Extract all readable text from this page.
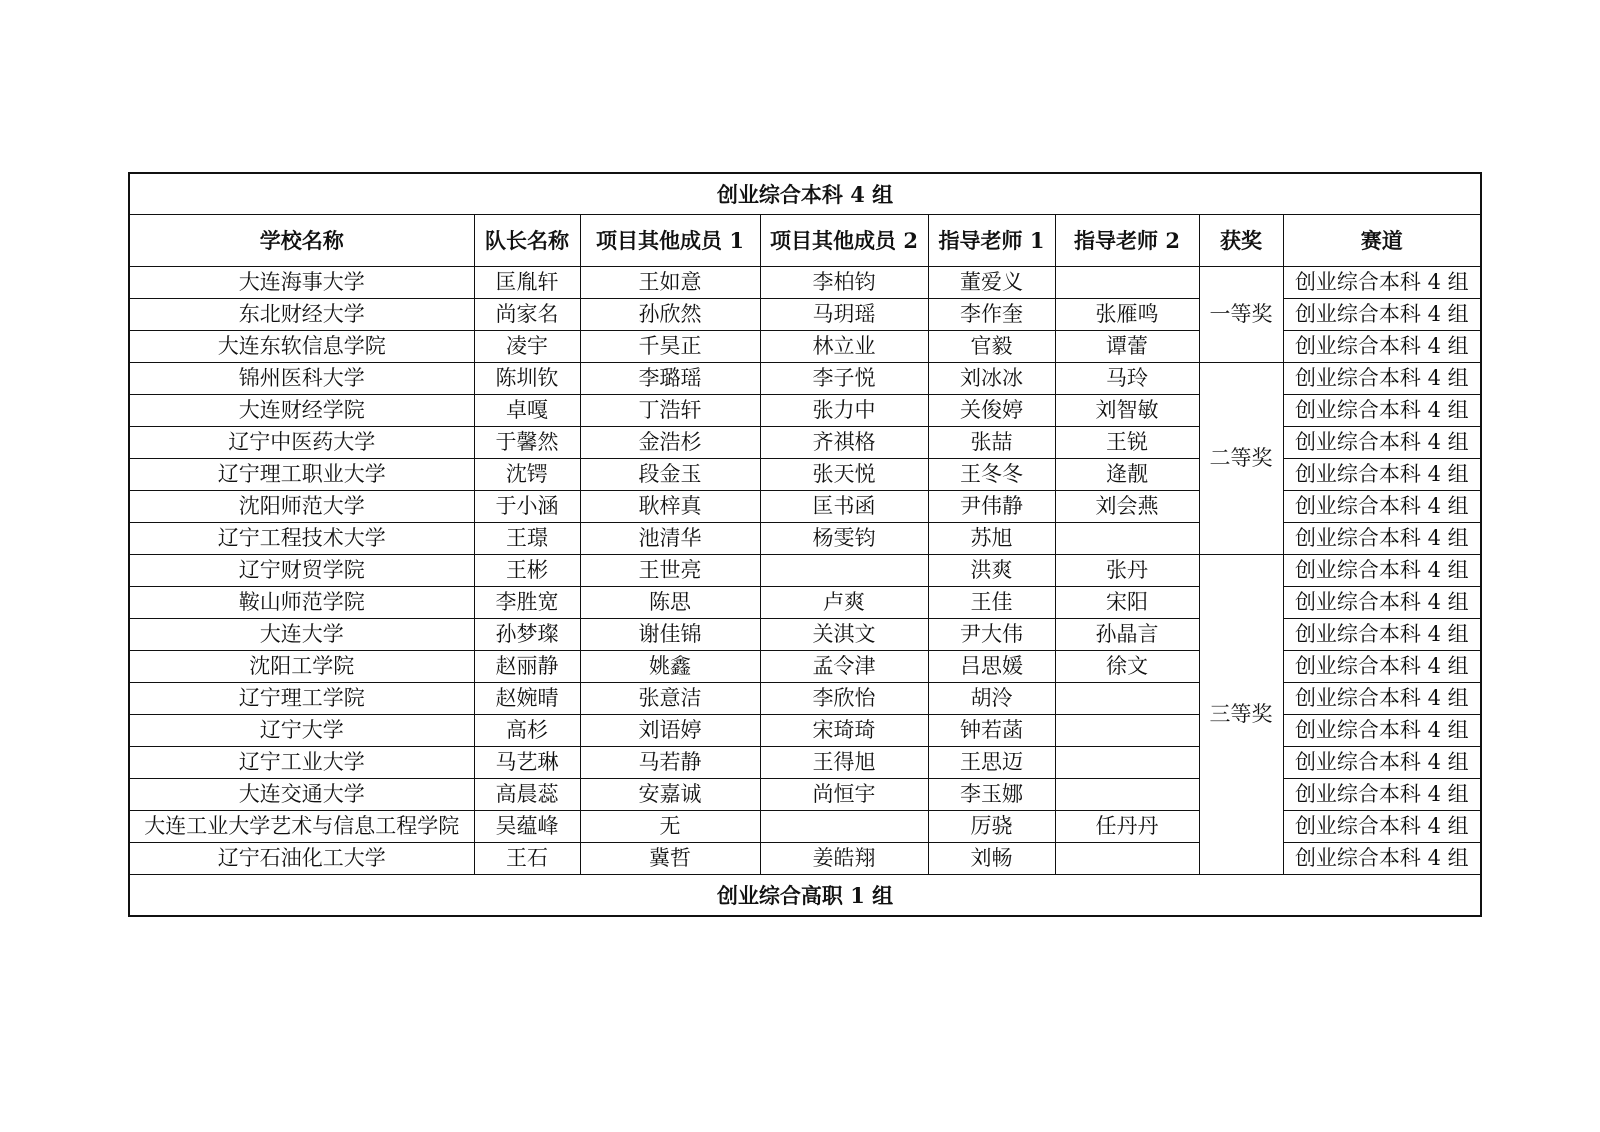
创业综合本科 4 组							
学校名称	队长名称	项目其他成员 1	项目其他成员 2	指导老师 1	指导老师 2	获奖	赛道
大连海事大学	匡胤轩	王如意	李柏钧	董爱义		一等奖	创业综合本科 4 组
东北财经大学	尚家名	孙欣然	马玥瑶	李作奎	张雁鸣		创业综合本科 4 组
大连东软信息学院	凌宇	千昊正	林立业	官毅	谭蕾		创业综合本科 4 组
锦州医科大学	陈圳钦	李璐瑶	李子悦	刘冰冰	马玲	二等奖	创业综合本科 4 组
大连财经学院	卓嘎	丁浩轩	张力中	关俊婷	刘智敏		创业综合本科 4 组
辽宁中医药大学	于馨然	金浩杉	齐祺格	张喆	王锐		创业综合本科 4 组
辽宁理工职业大学	沈锷	段金玉	张天悦	王冬冬	逄靓		创业综合本科 4 组
沈阳师范大学	于小涵	耿梓真	匡书函	尹伟静	刘会燕		创业综合本科 4 组
辽宁工程技术大学	王璟	池清华	杨雯钧	苏旭			创业综合本科 4 组
辽宁财贸学院	王彬	王世亮		洪爽	张丹	三等奖	创业综合本科 4 组
鞍山师范学院	李胜宽	陈思	卢爽	王佳	宋阳		创业综合本科 4 组
大连大学	孙梦璨	谢佳锦	关淇文	尹大伟	孙晶言		创业综合本科 4 组
沈阳工学院	赵丽静	姚鑫	孟令津	吕思媛	徐文		创业综合本科 4 组
辽宁理工学院	赵婉晴	张意洁	李欣怡	胡泠			创业综合本科 4 组
辽宁大学	高杉	刘语婷	宋琦琦	钟若菡			创业综合本科 4 组
辽宁工业大学	马艺琳	马若静	王得旭	王思迈			创业综合本科 4 组
大连交通大学	高晨蕊	安嘉诚	尚恒宇	李玉娜			创业综合本科 4 组
大连工业大学艺术与信息工程学院	吴蕴峰	无		厉骁	任丹丹		创业综合本科 4 组
辽宁石油化工大学	王石	冀哲	姜皓翔	刘畅			创业综合本科 4 组
创业综合高职 1 组							
